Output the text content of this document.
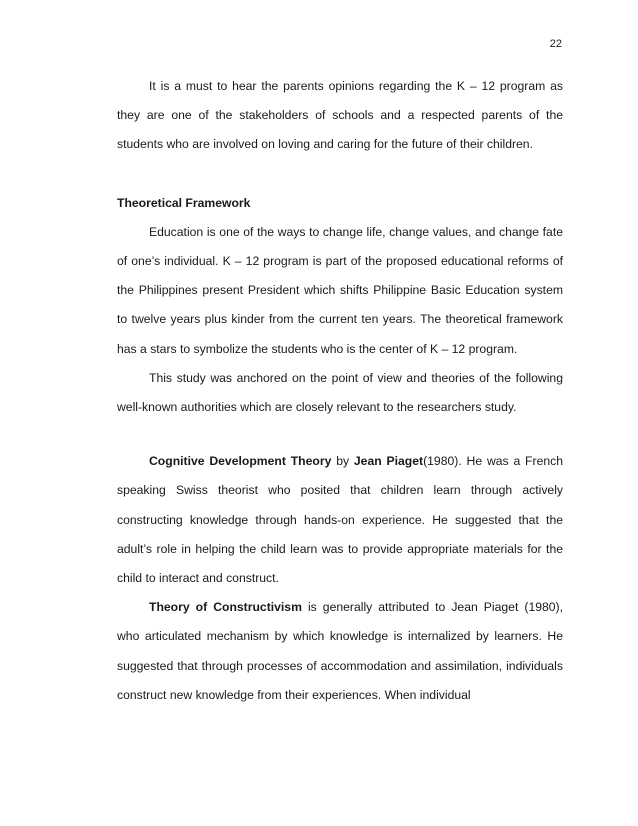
22

It is a must to hear the parents opinions regarding the K – 12 program as they are one of the stakeholders of schools and a respected parents of the students who are involved on loving and caring for the future of their children.

Theoretical Framework

Education is one of the ways to change life, change values, and change fate of one’s individual. K – 12 program is part of the proposed educational reforms of the Philippines present President which shifts Philippine Basic Education system to twelve years plus kinder from the current ten years. The theoretical framework has a stars to symbolize the students who is the center of K – 12 program.

This study was anchored on the point of view and theories of the following well-known authorities which are closely relevant to the researchers study.

Cognitive Development Theory by Jean Piaget(1980). He was a French speaking Swiss theorist who posited that children learn through actively constructing knowledge through hands-on experience. He suggested that the adult’s role in helping the child learn was to provide appropriate materials for the child to interact and construct.

Theory of Constructivism is generally attributed to Jean Piaget (1980), who articulated mechanism by which knowledge is internalized by learners. He suggested that through processes of accommodation and assimilation, individuals construct new knowledge from their experiences. When individual
